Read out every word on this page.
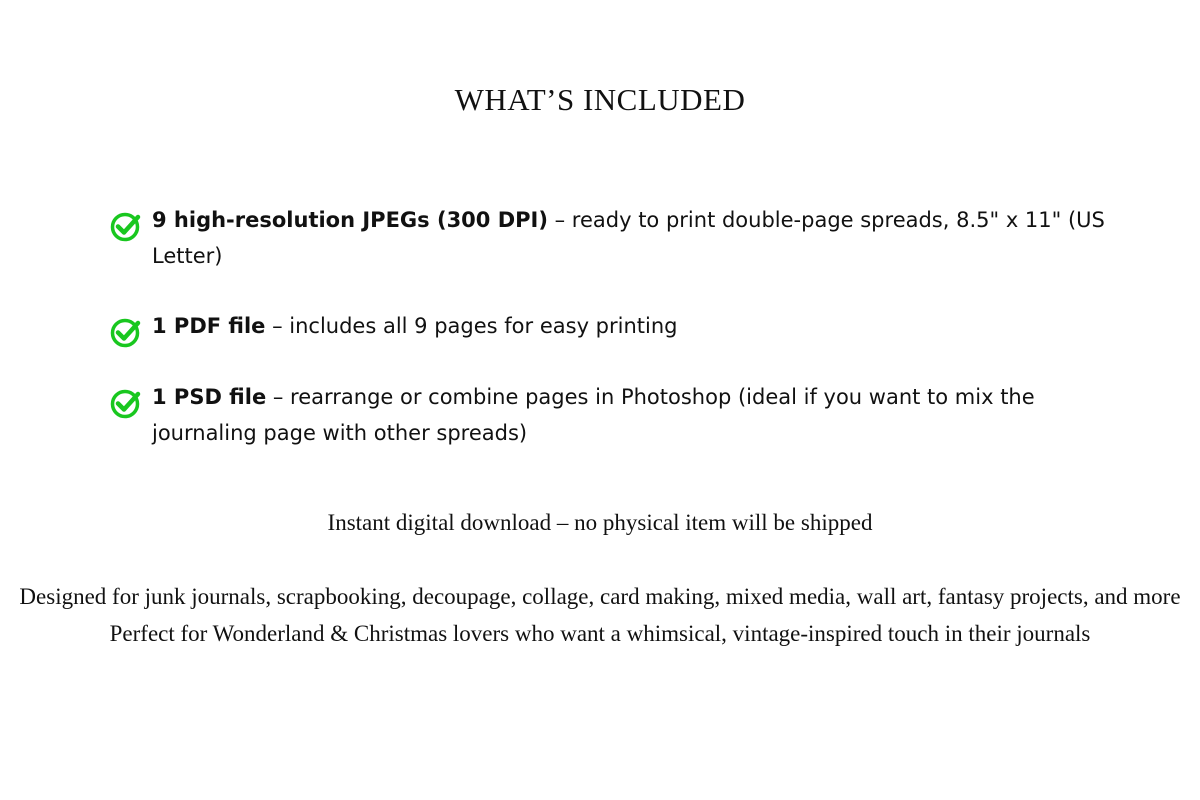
WHAT’S INCLUDED
9 high-resolution JPEGs (300 DPI) – ready to print double-page spreads, 8.5" x 11" (US Letter)
1 PDF file – includes all 9 pages for easy printing
1 PSD file – rearrange or combine pages in Photoshop (ideal if you want to mix the journaling page with other spreads)
Instant digital download – no physical item will be shipped
Designed for junk journals, scrapbooking, decoupage, collage, card making, mixed media, wall art, fantasy projects, and more
Perfect for Wonderland & Christmas lovers who want a whimsical, vintage-inspired touch in their journals
